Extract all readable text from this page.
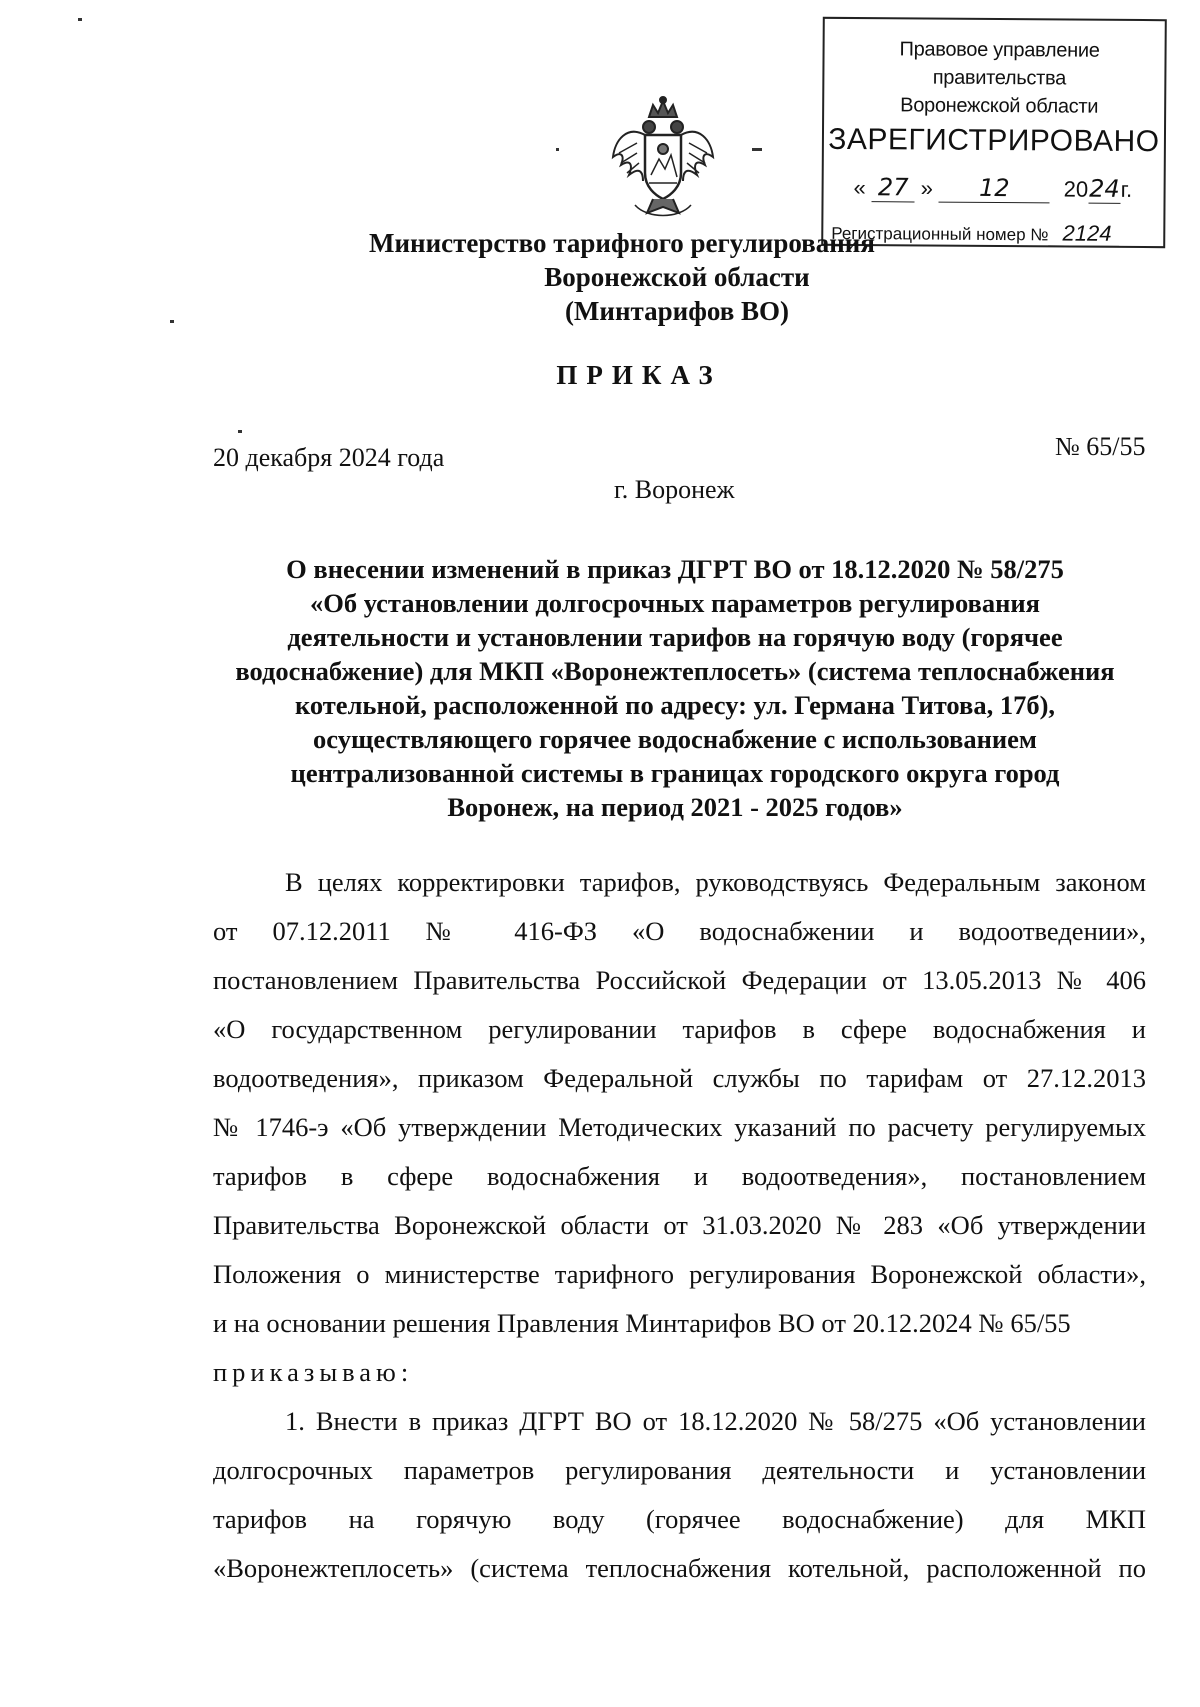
Правовое управление правительства
Воронежской области
ЗАРЕГИСТРИРОВАНО
« 27 » 12 2024г.
Регистрационный номер № 2124
Министерство тарифного регулирования
Воронежской области
(Минтарифов ВО)
ПРИКАЗ
20 декабря 2024 года	№ 65/55
г. Воронеж
О внесении изменений в приказ ДГРТ ВО от 18.12.2020 № 58/275
«Об установлении долгосрочных параметров регулирования
деятельности и установлении тарифов на горячую воду (горячее
водоснабжение) для МКП «Воронежтеплосеть» (система теплоснабжения
котельной, расположенной по адресу: ул. Германа Титова, 17б),
осуществляющего горячее водоснабжение с использованием
централизованной системы в границах городского округа город
Воронеж, на период 2021 - 2025 годов»
В целях корректировки тарифов, руководствуясь Федеральным законом
от 07.12.2011 № 416-ФЗ «О водоснабжении и водоотведении»,
постановлением Правительства Российской Федерации от 13.05.2013 № 406
«О государственном регулировании тарифов в сфере водоснабжения и
водоотведения», приказом Федеральной службы по тарифам от 27.12.2013
№ 1746-э «Об утверждении Методических указаний по расчету регулируемых
тарифов в сфере водоснабжения и водоотведения», постановлением
Правительства Воронежской области от 31.03.2020 № 283 «Об утверждении
Положения о министерстве тарифного регулирования Воронежской области»,
и на основании решения Правления Минтарифов ВО от 20.12.2024 № 65/55
приказываю:
1. Внести в приказ ДГРТ ВО от 18.12.2020 № 58/275 «Об установлении
долгосрочных параметров регулирования деятельности и установлении
тарифов на горячую воду (горячее водоснабжение) для МКП
«Воронежтеплосеть» (система теплоснабжения котельной, расположенной по
